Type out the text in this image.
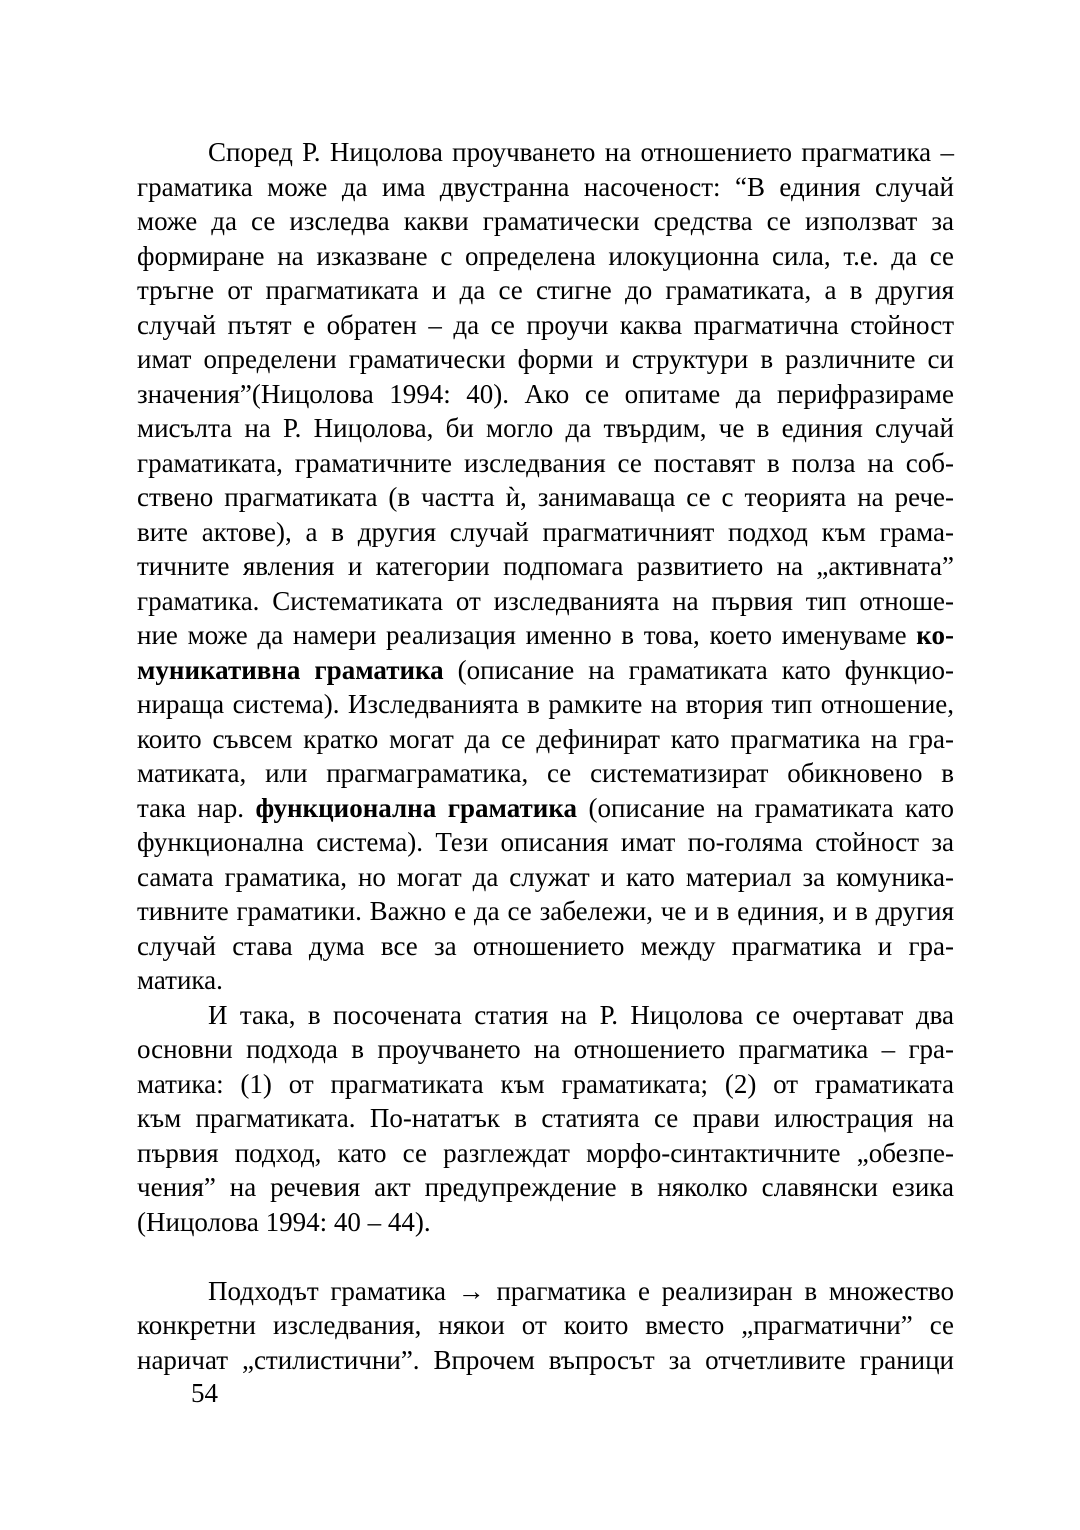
Според Р. Ницолова проучването на отношението прагматика –
граматика може да има двустранна насоченост: “В единия случай
може да се изследва какви граматически средства се използват за
формиране на изказване с определена илокуционна сила, т.е. да се
тръгне от прагматиката и да се стигне до граматиката, а в другия
случай пътят е обратен – да се проучи каква прагматична стойност
имат определени граматически форми и структури в различните си
значения”(Ницолова 1994: 40). Ако се опитаме да перифразираме
мисълта на Р. Ницолова, би могло да твърдим, че в единия случай
граматиката, граматичните изследвания се поставят в полза на соб-
ствено прагматиката (в частта ѝ, занимаваща се с теорията на рече-
вите актове), а в другия случай прагматичният подход към грама-
тичните явления и категории подпомага развитието на „активната”
граматика. Систематиката от изследванията на първия тип отноше-
ние може да намери реализация именно в това, което именуваме ко-
муникативна граматика (описание на граматиката като функцио-
нираща система). Изследванията в рамките на втория тип отношение,
които съвсем кратко могат да се дефинират като прагматика на гра-
матиката, или прагмаграматика, се систематизират обикновено в
така нар. функционална граматика (описание на граматиката като
функционална система). Тези описания имат по-голяма стойност за
самата граматика, но могат да служат и като материал за комуника-
тивните граматики. Важно е да се забележи, че и в единия, и в другия
случай става дума все за отношението между прагматика и гра-
матика.
И така, в посочената статия на Р. Ницолова се очертават два
основни подхода в проучването на отношението прагматика – гра-
матика: (1) от прагматиката към граматиката; (2) от граматиката
към прагматиката. По-нататък в статията се прави илюстрация на
първия подход, като се разглеждат морфо-синтактичните „обезпе-
чения” на речевия акт предупреждение в няколко славянски езика
(Ницолова 1994: 40 – 44).
Подходът граматика → прагматика е реализиран в множество
конкретни изследвания, някои от които вместо „прагматични” се
наричат „стилистични”. Впрочем въпросът за отчетливите граници
54
